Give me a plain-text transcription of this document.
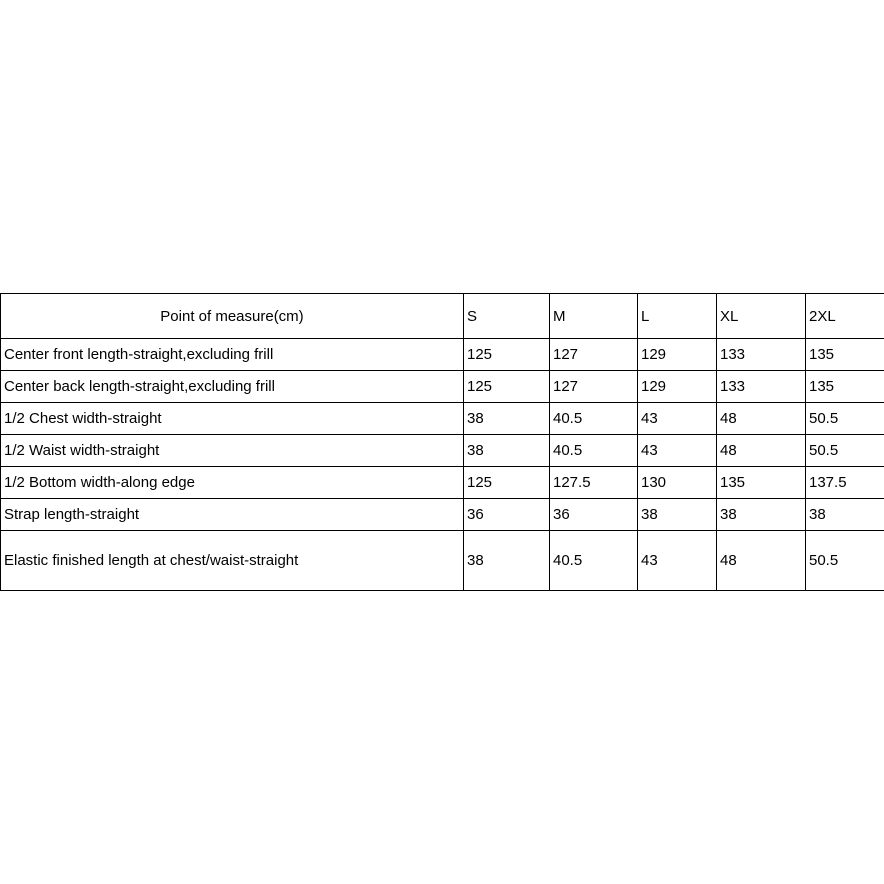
Point of measure(cm)	S	M	L	XL	2XL
Center front length-straight,excluding frill	125	127	129	133	135
Center back length-straight,excluding frill	125	127	129	133	135
1/2 Chest width-straight	38	40.5	43	48	50.5
1/2 Waist width-straight	38	40.5	43	48	50.5
1/2 Bottom width-along edge	125	127.5	130	135	137.5
Strap length-straight	36	36	38	38	38
Elastic finished length at chest/waist-straight	38	40.5	43	48	50.5
